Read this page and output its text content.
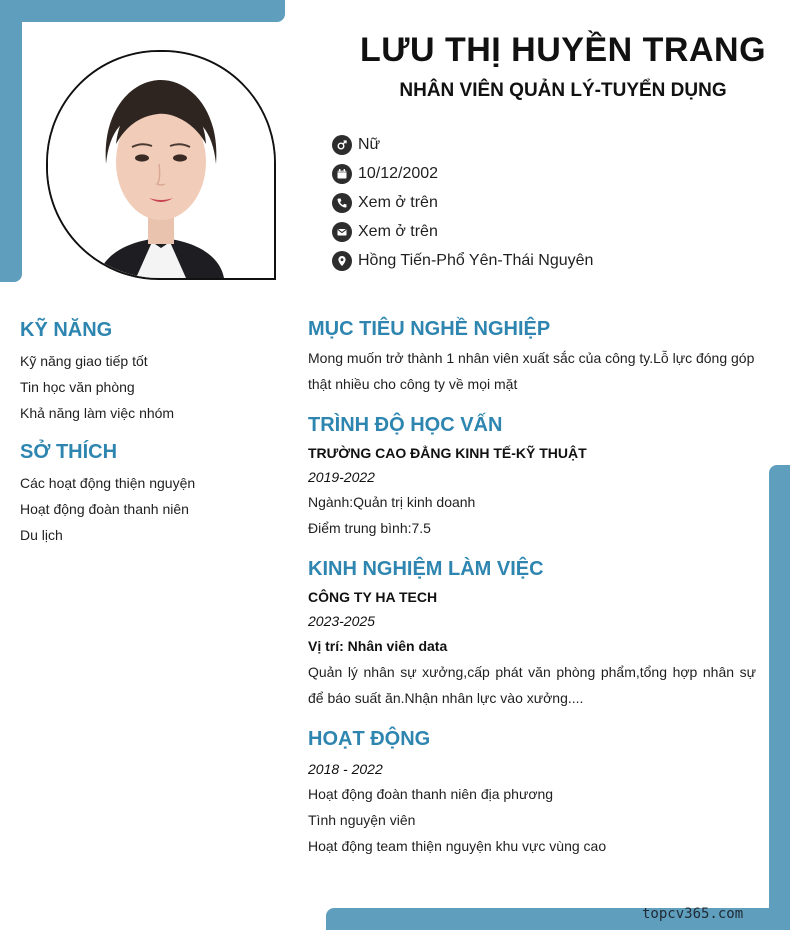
LƯU THỊ HUYỀN TRANG
NHÂN VIÊN QUẢN LÝ-TUYỂN DỤNG
Nữ
10/12/2002
Xem ở trên
Xem ở trên
Hồng Tiến-Phổ Yên-Thái Nguyên
KỸ NĂNG
Kỹ năng giao tiếp tốt
Tin học văn phòng
Khả năng làm việc nhóm
SỞ THÍCH
Các hoạt động thiện nguyện
Hoạt động đoàn thanh niên
Du lịch
MỤC TIÊU NGHỀ NGHIỆP
Mong muốn trở thành 1 nhân viên xuất sắc của công ty.Lỗ lực đóng góp thật nhiều cho công ty về mọi mặt
TRÌNH ĐỘ HỌC VẤN
TRƯỜNG CAO ĐẲNG KINH TẾ-KỸ THUẬT
2019-2022
Ngành:Quản trị kinh doanh
Điểm trung bình:7.5
KINH NGHIỆM LÀM VIỆC
CÔNG TY HA TECH
2023-2025
Vị trí: Nhân viên data
Quản lý nhân sự xưởng,cấp phát văn phòng phẩm,tổng hợp nhân sự để báo suất ăn.Nhận nhân lực vào xưởng....
HOẠT ĐỘNG
2018 - 2022
Hoạt động đoàn thanh niên địa phương
Tình nguyện viên
Hoạt động team thiện nguyện khu vực vùng cao
topcv365.com
